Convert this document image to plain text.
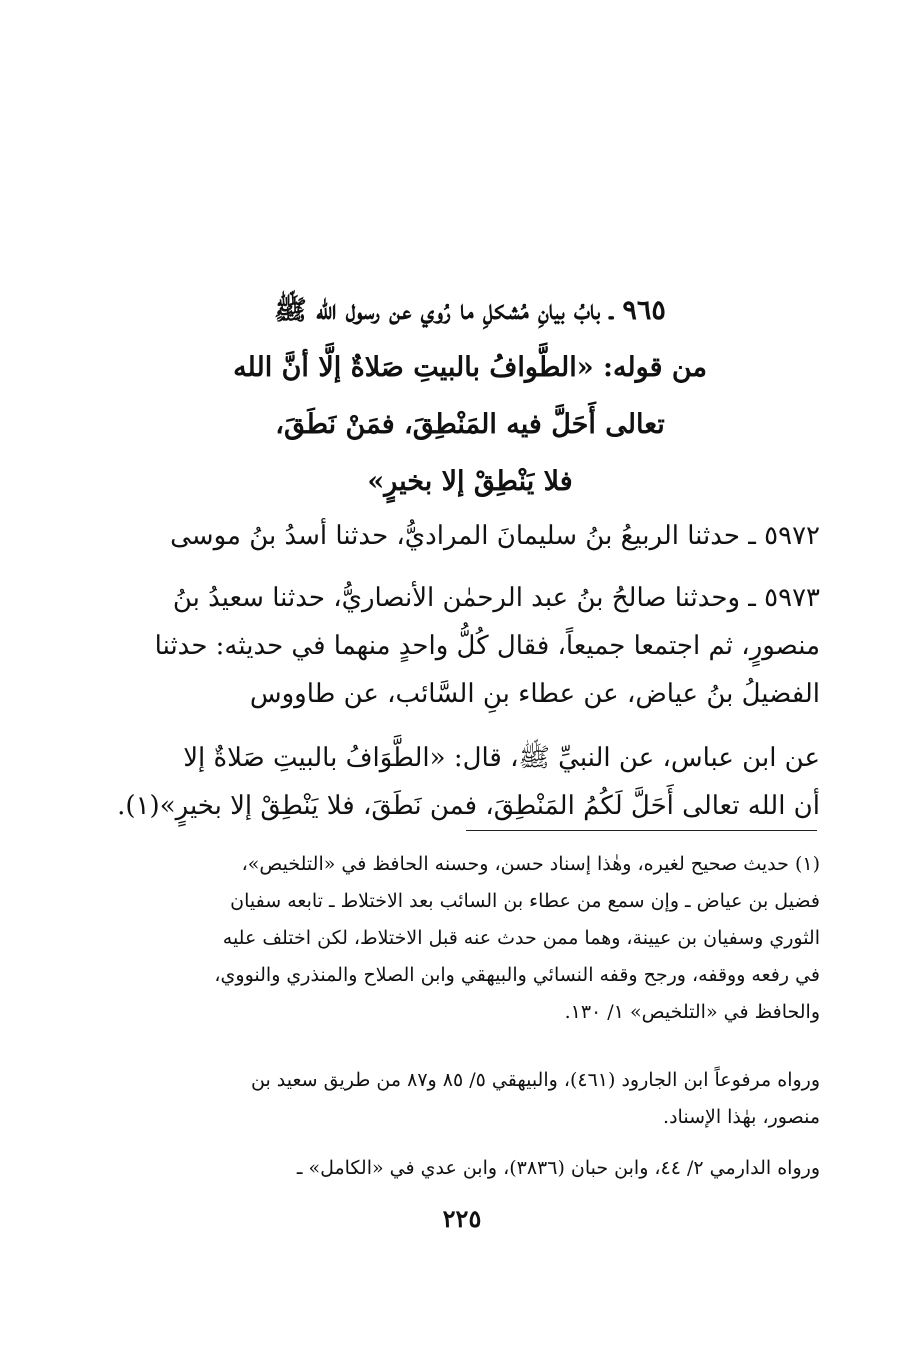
٩٦٥ ـ بابُ بيانِ مُشكلِ ما رُوي عن رسول الله ﷺ
من قوله: «الطَّوافُ بالبيتِ صَلاةٌ إلَّا أنَّ الله
تعالى أَحَلَّ فيه المَنْطِقَ، فمَنْ نَطَقَ،
فلا يَنْطِقْ إلا بخيرٍ»
٥٩٧٢ ـ حدثنا الربيعُ بنُ سليمانَ المراديُّ، حدثنا أسدُ بنُ موسى
٥٩٧٣ ـ وحدثنا صالحُ بنُ عبد الرحمٰن الأنصاريُّ، حدثنا سعيدُ بنُ
منصورٍ، ثم اجتمعا جميعاً، فقال كُلُّ واحدٍ منهما في حديثه: حدثنا
الفضيلُ بنُ عياض، عن عطاء بنِ السَّائب، عن طاووس
عن ابن عباس، عن النبيِّ ﷺ، قال: «الطَّوَافُ بالبيتِ صَلاةٌ إلا
أن الله تعالى أَحَلَّ لَكُمُ المَنْطِقَ، فمن نَطَقَ، فلا يَنْطِقْ إلا بخيرٍ»(١).
(١) حديث صحيح لغيره، وهٰذا إسناد حسن، وحسنه الحافظ في «التلخيص»،
فضيل بن عياض ـ وإن سمع من عطاء بن السائب بعد الاختلاط ـ تابعه سفيان
الثوري وسفيان بن عيينة، وهما ممن حدث عنه قبل الاختلاط، لكن اختلف عليه
في رفعه ووقفه، ورجح وقفه النسائي والبيهقي وابن الصلاح والمنذري والنووي،
والحافظ في «التلخيص» ١/ ١٣٠.
ورواه مرفوعاً ابن الجارود (٤٦١)، والبيهقي ٥/ ٨٥ و٨٧ من طريق سعيد بن
منصور، بهٰذا الإسناد.
ورواه الدارمي ٢/ ٤٤، وابن حبان (٣٨٣٦)، وابن عدي في «الكامل» ـ
٢٢٥
